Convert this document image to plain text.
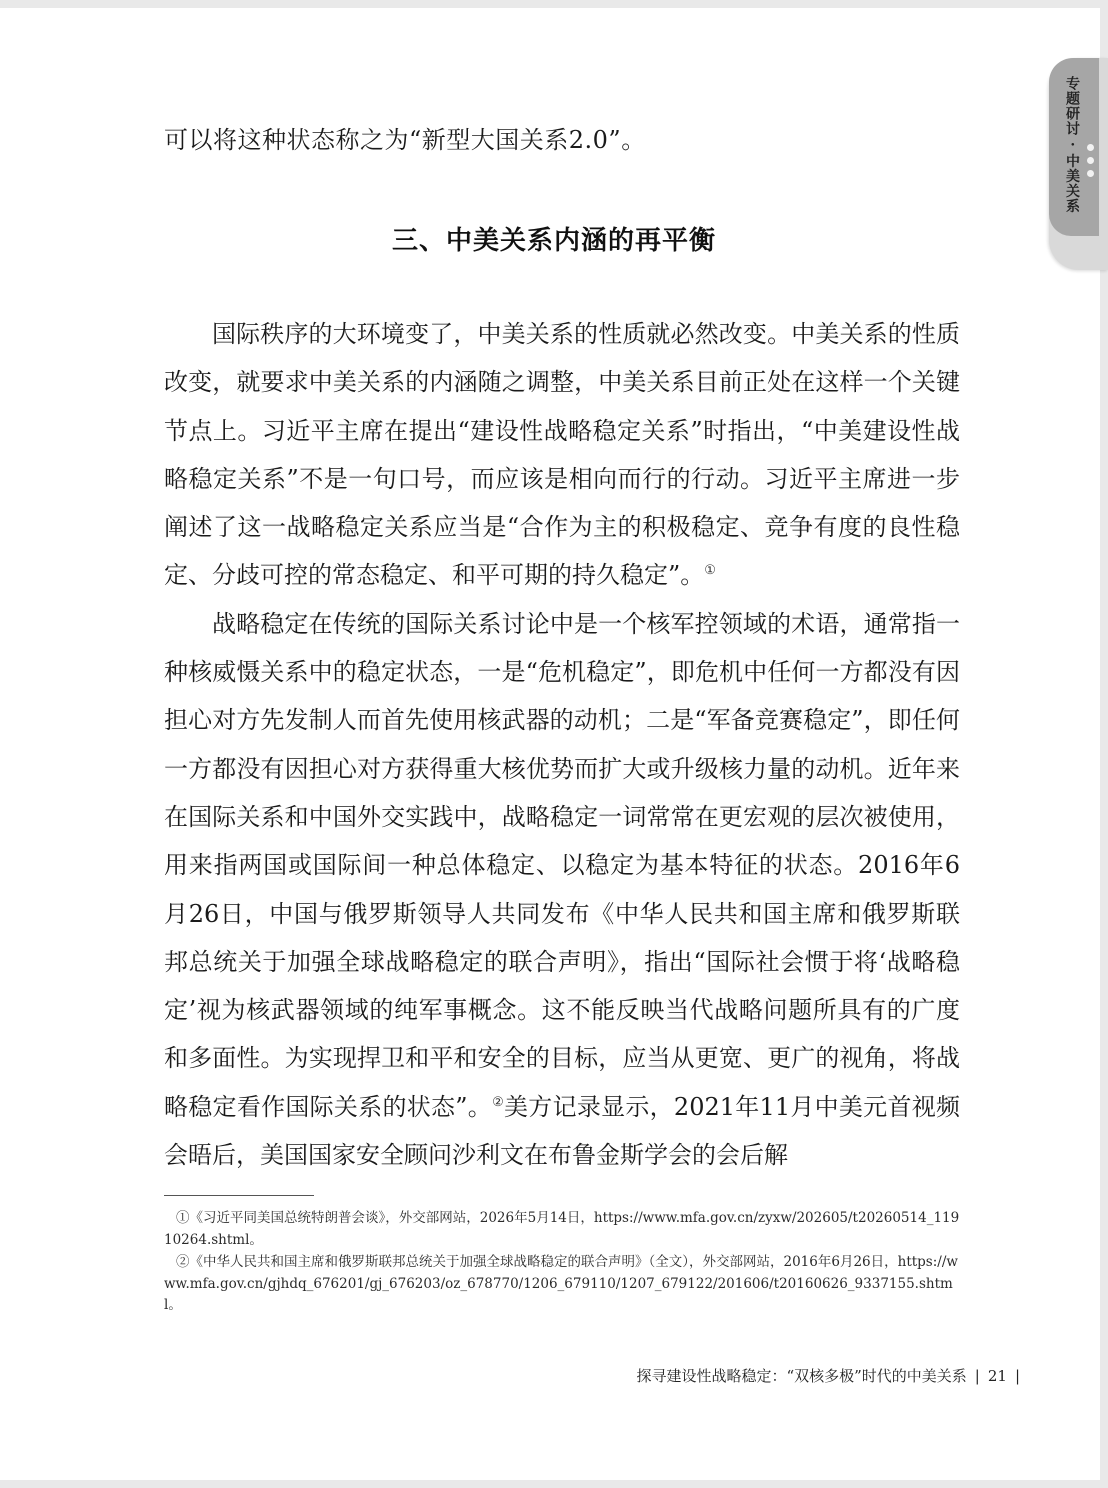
专题研讨 · 中美关系
可以将这种状态称之为“新型大国关系2.0”。
三、中美关系内涵的再平衡

国际秩序的大环境变了，中美关系的性质就必然改变。中美关系的性质改变，就要求中美关系的内涵随之调整，中美关系目前正处在这样一个关键节点上。习近平主席在提出“建设性战略稳定关系”时指出，“中美建设性战略稳定关系”不是一句口号，而应该是相向而行的行动。习近平主席进一步阐述了这一战略稳定关系应当是“合作为主的积极稳定、竞争有度的良性稳定、分歧可控的常态稳定、和平可期的持久稳定”。①

战略稳定在传统的国际关系讨论中是一个核军控领域的术语，通常指一种核威慑关系中的稳定状态，一是“危机稳定”，即危机中任何一方都没有因担心对方先发制人而首先使用核武器的动机；二是“军备竞赛稳定”，即任何一方都没有因担心对方获得重大核优势而扩大或升级核力量的动机。近年来在国际关系和中国外交实践中，战略稳定一词常常在更宏观的层次被使用，用来指两国或国际间一种总体稳定、以稳定为基本特征的状态。2016年6月26日，中国与俄罗斯领导人共同发布《中华人民共和国主席和俄罗斯联邦总统关于加强全球战略稳定的联合声明》，指出“国际社会惯于将‘战略稳定’视为核武器领域的纯军事概念。这不能反映当代战略问题所具有的广度和多面性。为实现捍卫和平和安全的目标，应当从更宽、更广的视角，将战略稳定看作国际关系的状态”。②美方记录显示，2021年11月中美元首视频会晤后，美国国家安全顾问沙利文在布鲁金斯学会的会后解

①《习近平同美国总统特朗普会谈》，外交部网站，2026年5月14日，https://www.mfa.gov.cn/zyxw/202605/t20260514_11910264.shtml。

②《中华人民共和国主席和俄罗斯联邦总统关于加强全球战略稳定的联合声明》（全文），外交部网站，2016年6月26日，https://www.mfa.gov.cn/gjhdq_676201/gj_676203/oz_678770/1206_679110/1207_679122/201606/t20160626_9337155.shtml。

探寻建设性战略稳定：“双核多极”时代的中美关系 | 21 |
